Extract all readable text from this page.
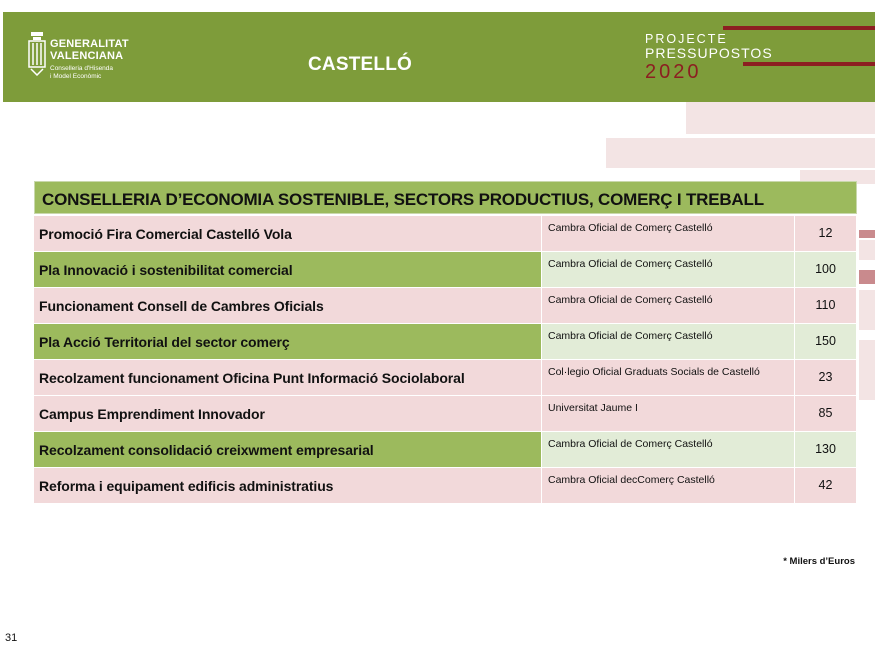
GENERALITAT
VALENCIANA
Conselleria d'Hisenda
i Model Econòmic
CASTELLÓ
PROJECTE
PRESSUPOSTOS
2020
CONSELLERIA D’ECONOMIA SOSTENIBLE, SECTORS PRODUCTIUS, COMERÇ I TREBALL
Promoció Fira Comercial Castelló Vola	Cambra Oficial de Comerç Castelló	12
Pla Innovació i sostenibilitat comercial	Cambra Oficial de Comerç Castelló	100
Funcionament Consell de Cambres Oficials	Cambra Oficial de Comerç Castelló	110
Pla Acció Territorial del sector comerç	Cambra Oficial de Comerç Castelló	150
Recolzament funcionament Oficina Punt Informació Sociolaboral	Col·legio Oficial Graduats Socials de Castelló	23
Campus Emprendiment Innovador	Universitat Jaume I	85
Recolzament consolidació creixwment empresarial	Cambra Oficial de Comerç Castelló	130
Reforma i equipament edificis administratius	Cambra Oficial decComerç Castelló	42
* Milers d’Euros
31
